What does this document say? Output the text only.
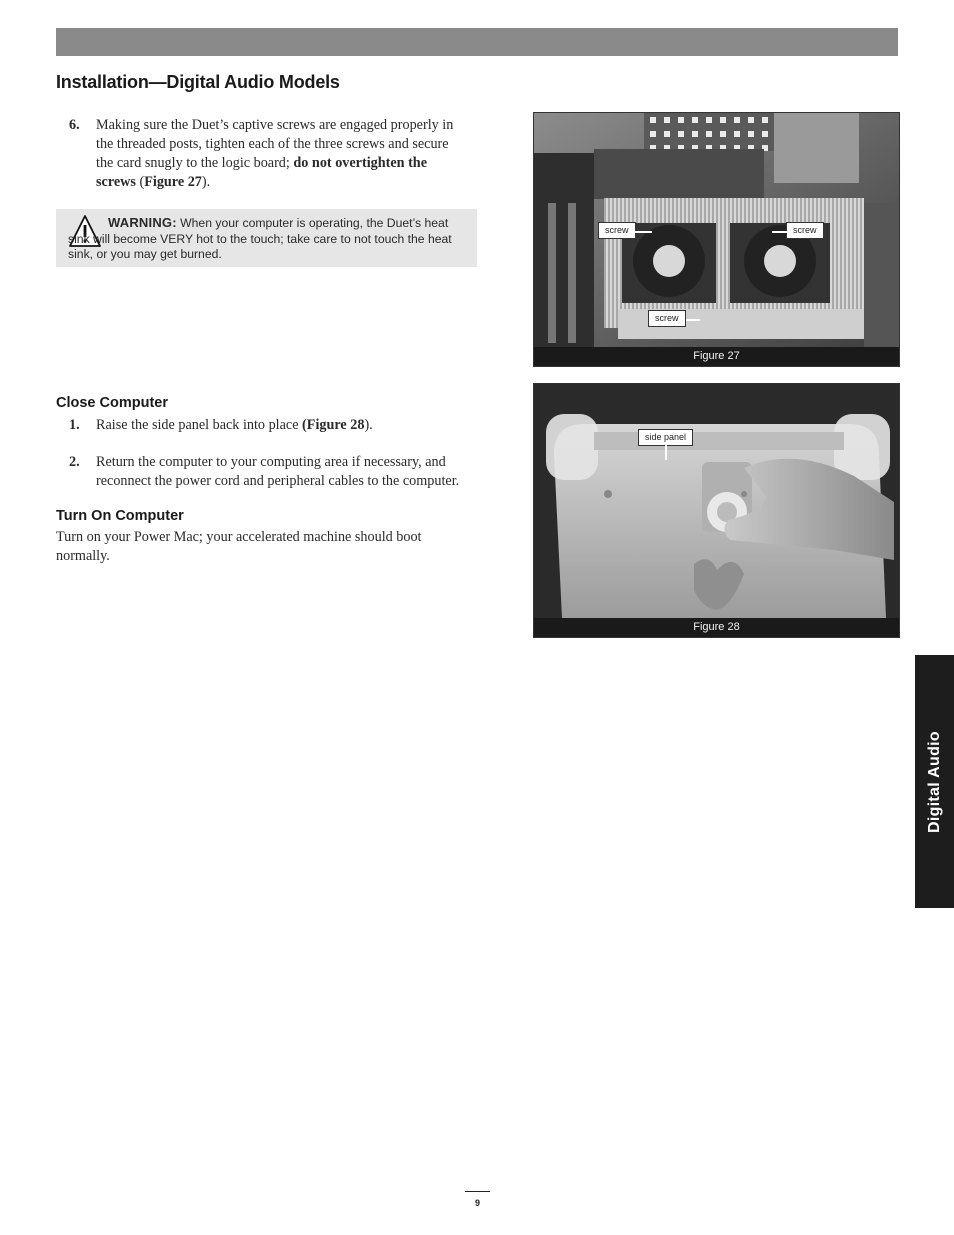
Installation—Digital Audio Models
6. Making sure the Duet’s captive screws are engaged properly in the threaded posts, tighten each of the three screws and secure the card snugly to the logic board; do not overtighten the screws (Figure 27).
WARNING: When your computer is operating, the Duet’s heat sink will become VERY hot to the touch; take care to not touch the heat sink, or you may get burned.
Close Computer
1. Raise the side panel back into place (Figure 28).
2. Return the computer to your computing area if necessary, and reconnect the power cord and peripheral cables to the computer.
Turn On Computer
Turn on your Power Mac; your accelerated machine should boot normally.
screw	screw
screw
Figure 27
side panel
Figure 28
Digital Audio
9
